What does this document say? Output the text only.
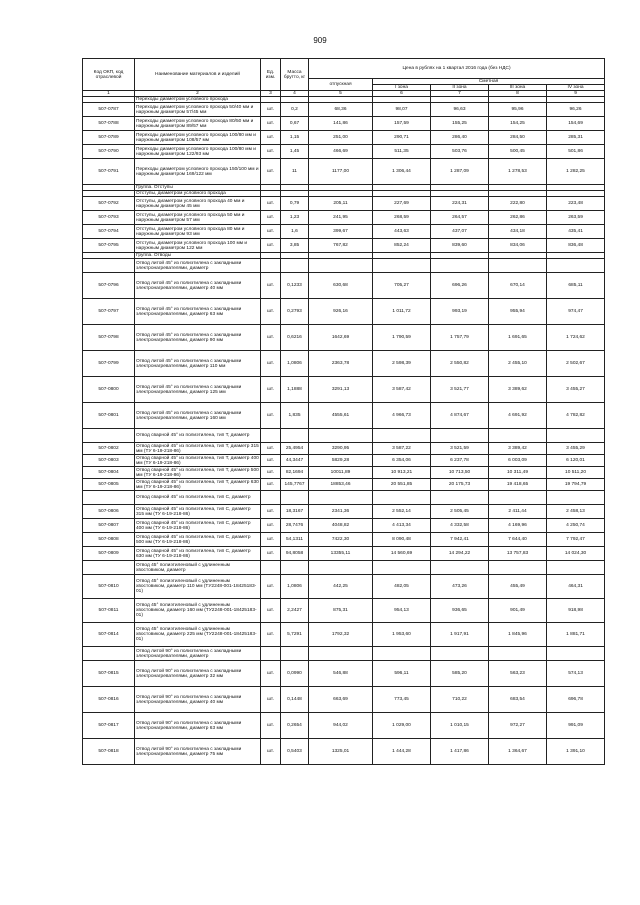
909
Код ОКП, код отраслевой	Наименование материалов и изделий	Ед. изм.	Масса брутто, кг	Цена в рублях на 1 квартал 2016 года (без НДС)				
				отпускная	Сметная			
					I зона	II зона	III зона	IV зона
1	2	3	4	5	6	7	8	9
	Переходы диаметром условного прохода							
507-0787	Переходы диаметром условного прохода 50/40 мм и наружным диаметром 57/45 мм	шт.	0,2	68,36	98,07	96,63	95,96	96,26
507-0788	Переходы диаметром условного прохода 80/50 мм и наружным диаметром 89/57 мм	шт.	0,67	141,86	157,59	155,25	154,25	154,69
507-0789	Переходы диаметром условного прохода 100/80 мм и наружным диаметром 108/57 мм	шт.	1,15	251,00	290,71	286,40	284,50	285,31
507-0790	Переходы диаметром условного прохода 100/80 мм и наружным диаметром 122/93 мм	шт.	1,45	466,69	511,35	503,76	500,45	501,86
507-0791	Переходы диаметром условного прохода 150/100 мм и наружным диаметром 169/122 мм	шт.	11	1177,00	1 306,44	1 287,09	1 278,53	1 282,25
	Группа. Отступы							
	Отступы, диаметром условного прохода							
507-0792	Отступы, диаметром условного прохода 40 мм и наружным диаметром 45 мм	шт.	0,79	205,11	227,69	224,31	222,80	223,48
507-0793	Отступы, диаметром условного прохода 50 мм и наружным диаметром 57 мм	шт.	1,23	241,95	268,59	264,57	262,86	263,59
507-0794	Отступы, диаметром условного прохода 80 мм и наружным диаметром 93 мм	шт.	1,6	399,67	443,63	437,07	434,18	435,41
507-0795	Отступы, диаметром условного прохода 100 мм и наружным диаметром 122 мм	шт.	3,85	767,82	852,24	839,60	834,06	836,48
	Группа. Отводы							
	Отвод литой 45° из полиэтилена с закладными электронагревателями, диаметр							
507-0796	Отвод литой 45° из полиэтилена с закладными электронагревателями, диаметр 40 мм	шт.	0,1233	630,68	705,27	696,26	670,14	685,11
507-0797	Отвод литой 45° из полиэтилена с закладными электронагревателями, диаметр 63 мм	шт.	0,2793	926,16	1 011,72	993,19	955,94	974,47
507-0798	Отвод литой 45° из полиэтилена с закладными электронагревателями, диаметр 90 мм	шт.	0,6216	1642,69	1 790,59	1 757,79	1 691,65	1 724,62
507-0799	Отвод литой 45° из полиэтилена с закладными электронагревателями, диаметр 110 мм	шт.	1,0806	2363,78	2 598,39	2 550,82	2 455,10	2 502,67
507-0800	Отвод литой 45° из полиэтилена с закладными электронагревателями, диаметр 125 мм	шт.	1,1888	3291,13	3 587,42	3 521,77	3 389,62	3 455,27
507-0801	Отвод литой 45° из полиэтилена с закладными электронагревателями, диаметр 160 мм	шт.	1,835	4555,61	4 966,73	4 874,67	4 691,92	4 782,82
	Отвод сварной 45° из полиэтилена, тип Т, диаметр							
507-0802	Отвод сварной 45° из полиэтилена, тип Т, диаметр 315 мм (ТУ 6-19-218-86)	шт.	25,4954	3290,95	3 587,22	3 521,59	3 389,42	3 455,29
507-0803	Отвод сварной 45° из полиэтилена, тип Т, диаметр 400 мм (ТУ 6-19-218-86)	шт.	44,3447	5829,28	6 354,06	6 237,78	6 003,09	6 120,01
507-0804	Отвод сварной 45° из полиэтилена, тип Т, диаметр 500 мм (ТУ 6-19-218-86)	шт.	82,1694	10011,89	10 913,21	10 713,50	10 311,49	10 511,20
507-0805	Отвод сварной 45° из полиэтилена, тип Т, диаметр 630 мм (ТУ 6-19-218-86)	шт.	145,7767	18853,46	20 551,85	20 175,73	19 418,65	19 794,79
	Отвод сварной 45° из полиэтилена, тип С, диаметр							
507-0806	Отвод сварной 45° из полиэтилена, тип С, диаметр 315 мм (ТУ 6-19-218-86)	шт.	18,3167	2341,36	2 552,14	2 505,45	2 411,44	2 458,13
507-0807	Отвод сварной 45° из полиэтилена, тип С, диаметр 400 мм (ТУ 6-19-218-86)	шт.	28,7476	4048,82	4 413,34	4 332,58	4 169,96	4 250,74
507-0808	Отвод сварной 45° из полиэтилена, тип С, диаметр 500 мм (ТУ 6-19-218-86)	шт.	54,1311	7422,30	8 090,48	7 942,41	7 644,40	7 792,47
507-0809	Отвод сварной 45° из полиэтилена, тип С, диаметр 630 мм (ТУ 6-19-218-86)	шт.	94,8058	13355,11	14 560,69	14 294,22	13 757,83	14 024,30
	Отвод 45° полиэтиленовый с удлиненным хвостовиком, диаметр							
507-0810	Отвод 45° полиэтиленовый с удлиненным хвостовиком, диаметр 110 мм (ТУ2248-001-18425183-01)	шт.	1,0806	442,25	482,05	473,26	455,49	464,31
507-0811	Отвод 45° полиэтиленовый с удлиненным хвостовиком, диаметр 160 мм (ТУ2248-001-18425183-01)	шт.	2,2427	875,31	954,13	936,65	901,49	918,98
507-0814	Отвод 45° полиэтиленовый с удлиненным хвостовиком, диаметр 225 мм (ТУ2248-001-18425183-01)	шт.	5,7291	1792,32	1 953,60	1 917,91	1 845,96	1 881,71
	Отвод литой 90° из полиэтилена с закладными электронагревателями, диаметр							
507-0815	Отвод литой 90° из полиэтилена с закладными электронагревателями, диаметр 32 мм	шт.	0,0990	546,88	596,11	585,20	563,23	574,13
507-0816	Отвод литой 90° из полиэтилена с закладными электронагревателями, диаметр 40 мм	шт.	0,1448	663,69	773,45	710,22	683,54	696,78
507-0817	Отвод литой 90° из полиэтилена с закладными электронагревателями, диаметр 63 мм	шт.	0,2654	944,02	1 029,00	1 010,15	972,27	991,09
507-0818	Отвод литой 90° из полиэтилена с закладными электронагревателями, диаметр 75 мм	шт.	0,5403	1325,01	1 444,28	1 417,86	1 364,67	1 391,10
